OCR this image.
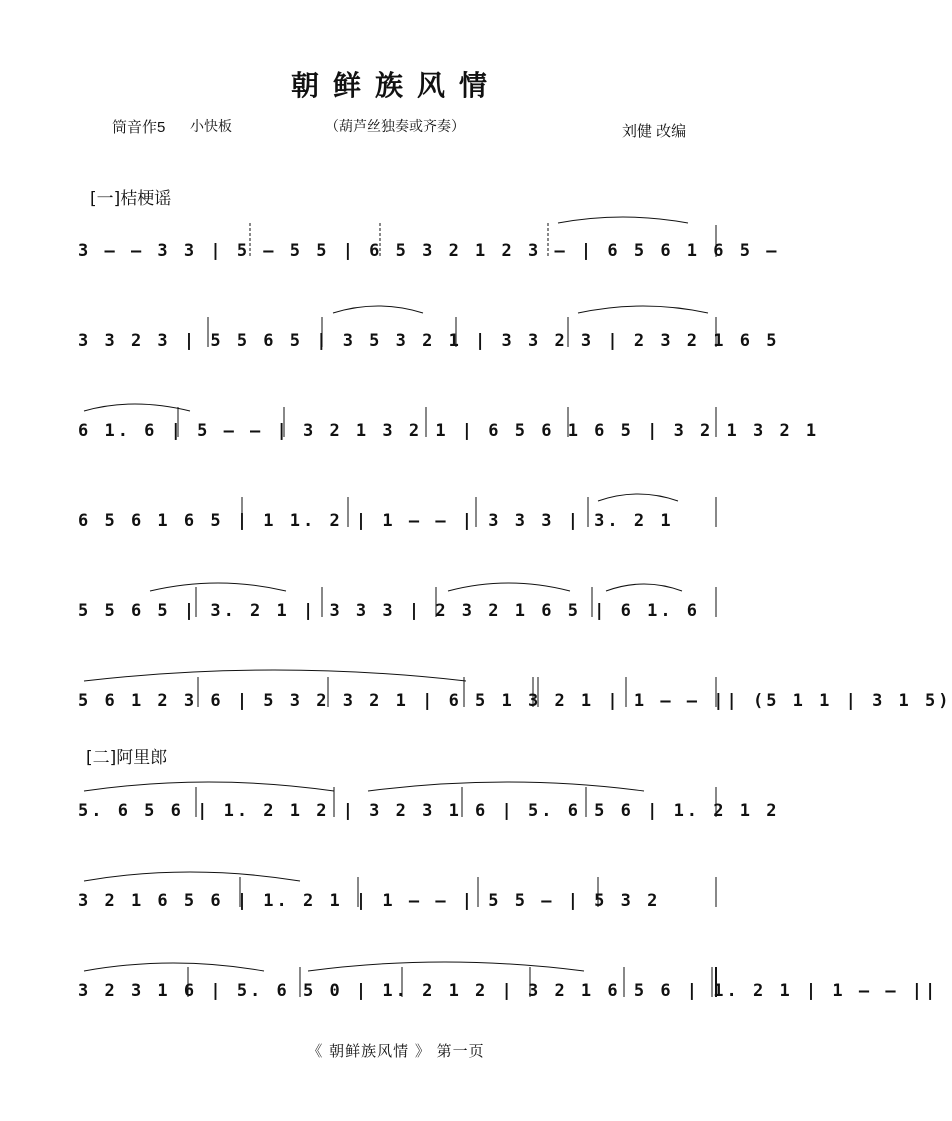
朝鲜族风情
筒音作5 小快板	（葫芦丝独奏或齐奏）	刘健 改编
[一]桔梗谣
[二]阿里郎
3 – – 3 3 | 5 – 5 5 | 6 5 3 2 1 2 3 – | 6 5 6 1 6 5 –
3 3 2 3 | 5 5 6 5 | 3 5 3 2 1 | 3 3 2 3 | 2 3 2 1 6 5
6 1. 6 | 5 – – | 3 2 1 3 2 1 | 6 5 6 1 6 5 | 3 2 1 3 2 1
6 5 6 1 6 5 | 1 1. 2 | 1 – – | 3 3 3 | 3. 2 1
5 5 6 5 | 3. 2 1 | 3 3 3 | 2 3 2 1 6 5 | 6 1. 6
5 6 1 2 3 6 | 5 3 2 3 2 1 | 6 5 1 3 2 1 | 1 – – || (5 1 1 | 3 1 5)
5. 6 5 6 | 1. 2 1 2 | 3 2 3 1 6 | 5. 6 5 6 | 1. 2 1 2
3 2 1 6 5 6 | 1. 2 1 | 1 – – | 5 5 – | 5 3 2
3 2 3 1 6 | 5. 6 5 0 | 1. 2 1 2 | 3 2 1 6 5 6 | 1. 2 1 | 1 – – ||
《 朝鲜族风情 》 第一页
